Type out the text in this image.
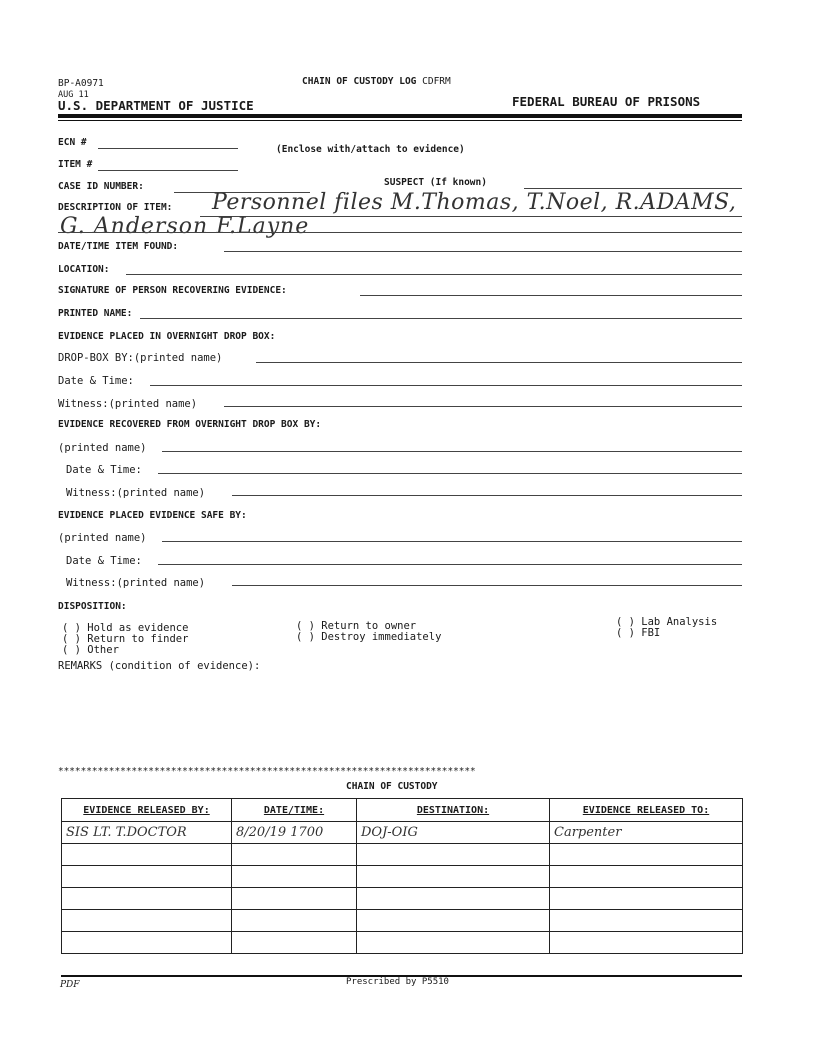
BP-A0971
AUG 11
CHAIN OF CUSTODY LOG CDFRM
U.S. DEPARTMENT OF JUSTICE	FEDERAL BUREAU OF PRISONS
ECN #
(Enclose with/attach to evidence)
ITEM #
CASE ID NUMBER:	SUSPECT (If known)
DESCRIPTION OF ITEM: Personnel files M.Thomas, T.Noel, R.ADAMS,
G. Anderson F.Layne
DATE/TIME ITEM FOUND:
LOCATION:
SIGNATURE OF PERSON RECOVERING EVIDENCE:
PRINTED NAME:
EVIDENCE PLACED IN OVERNIGHT DROP BOX:
DROP-BOX BY:(printed name)
Date & Time:
Witness:(printed name)
EVIDENCE RECOVERED FROM OVERNIGHT DROP BOX BY:
(printed name)
Date & Time:
Witness:(printed name)
EVIDENCE PLACED EVIDENCE SAFE BY:
(printed name)
Date & Time:
Witness:(printed name)
DISPOSITION:
( ) Hold as evidence
( ) Return to finder
( ) Other
( ) Return to owner
( ) Destroy immediately
( ) Lab Analysis
( ) FBI
REMARKS (condition of evidence):
**************************************************************************
CHAIN OF CUSTODY
EVIDENCE RELEASED BY:	DATE/TIME:	DESTINATION:	EVIDENCE RELEASED TO:
SIS LT. T.DOCTOR	8/20/19 1700	DOJ-OIG	Carpenter

PDF	Prescribed by P5510
